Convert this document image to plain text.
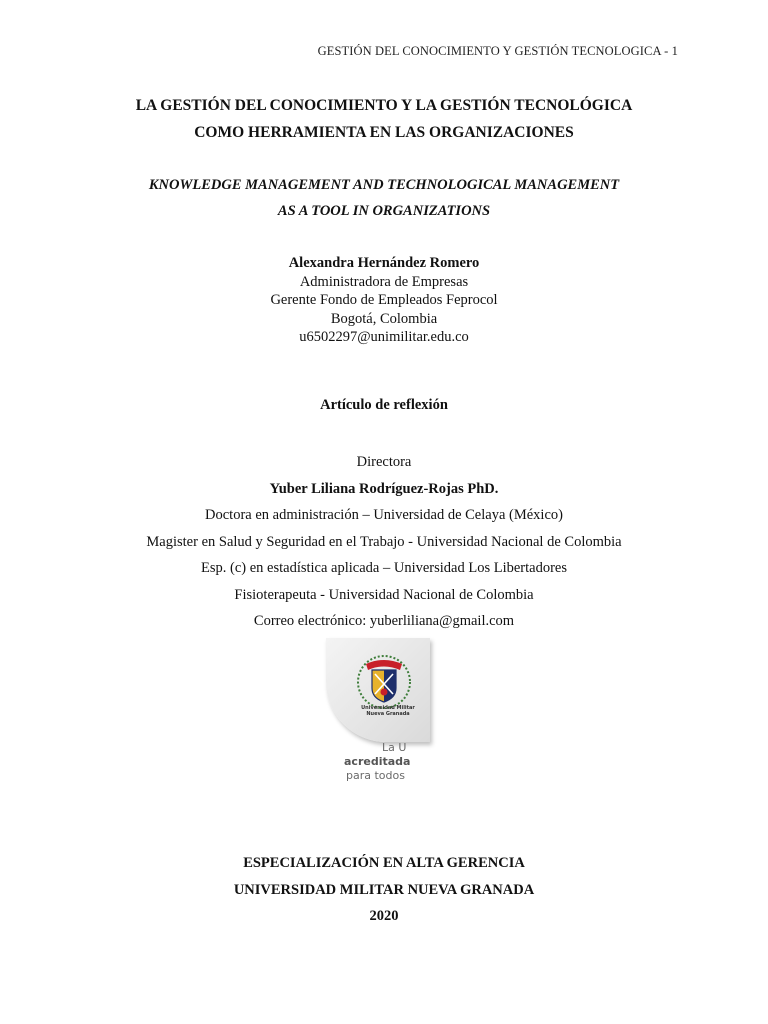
GESTIÓN DEL CONOCIMIENTO Y GESTIÓN TECNOLOGICA - 1
LA GESTIÓN DEL CONOCIMIENTO Y LA GESTIÓN TECNOLÓGICA
COMO HERRAMIENTA EN LAS ORGANIZACIONES
KNOWLEDGE MANAGEMENT AND TECHNOLOGICAL MANAGEMENT
AS A TOOL IN ORGANIZATIONS
Alexandra Hernández Romero
Administradora de Empresas
Gerente Fondo de Empleados Feprocol
Bogotá, Colombia
u6502297@unimilitar.edu.co
Artículo de reflexión
Directora
Yuber Liliana Rodríguez-Rojas PhD.
Doctora en administración – Universidad de Celaya (México)
Magister en Salud y Seguridad en el Trabajo - Universidad Nacional de Colombia
Esp. (c) en estadística aplicada – Universidad Los Libertadores
Fisioterapeuta - Universidad Nacional de Colombia
Correo electrónico: yuberliliana@gmail.com
Universidad Militar
Nueva Granada
La U
acreditada
para todos
ESPECIALIZACIÓN EN ALTA GERENCIA
UNIVERSIDAD MILITAR NUEVA GRANADA
2020
